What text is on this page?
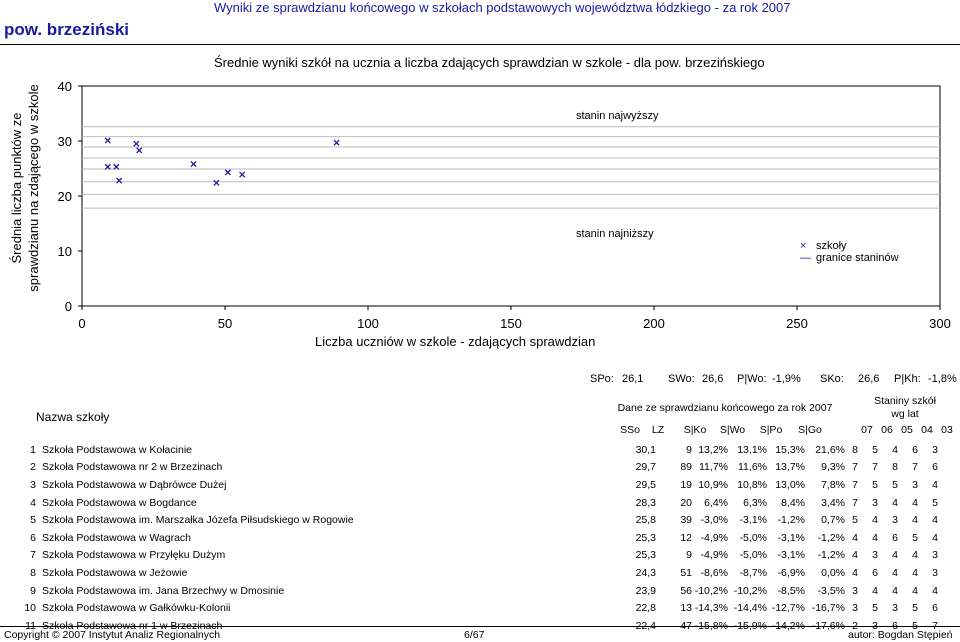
Wyniki ze sprawdzianu końcowego w szkołach podstawowych województwa łódzkiego - za rok 2007
pow. brzeziński
Średnie wyniki szkół na ucznia a liczba zdających sprawdzian w szkole - dla pow. brzezińskiego
0
10
20
30
40
0	50	100	150	200	250	300
Średnia liczba punktów ze sprawdzianu na zdającego w szkole
Liczba uczniów w szkole - zdających sprawdzian
stanin najwyższy
stanin najniższy
× szkoły
— granice staninów
SPo: 26,1 SWo: 26,6 P|Wo: -1,9% SKo: 26,6 P|Kh: -1,8%
Nazwa szkoły
Dane ze sprawdzianu końcowego za rok 2007
Staniny szkół
wg lat
SSo	LZ	S|Ko	S|Wo	S|Po	S|Go	07 06 05 04 03
1	Szkoła Podstawowa w Kołacinie	30,1	9	13,2%	13,1%	15,3%	21,6%	8	5	4	6	3
2	Szkoła Podstawowa nr 2 w Brzezinach	29,7	89	11,7%	11,6%	13,7%	9,3%	7	7	8	7	6
3	Szkoła Podstawowa w Dąbrówce Dużej	29,5	19	10,9%	10,8%	13,0%	7,8%	7	5	5	3	4
4	Szkoła Podstawowa w Bogdance	28,3	20	6,4%	6,3%	8,4%	3,4%	7	3	4	4	5
5	Szkoła Podstawowa im. Marszałka Józefa Piłsudskiego w Rogowie	25,8	39	-3,0%	-3,1%	-1,2%	0,7%	5	4	3	4	4
6	Szkoła Podstawowa w Wagrach	25,3	12	-4,9%	-5,0%	-3,1%	-1,2%	4	4	6	5	4
7	Szkoła Podstawowa w Przyłęku Dużym	25,3	9	-4,9%	-5,0%	-3,1%	-1,2%	4	3	4	4	3
8	Szkoła Podstawowa w Jeżowie	24,3	51	-8,6%	-8,7%	-6,9%	0,0%	4	6	4	4	3
9	Szkoła Podstawowa im. Jana Brzechwy w Dmosinie	23,9	56	-10,2%	-10,2%	-8,5%	-3,5%	3	4	4	4	4
10	Szkoła Podstawowa w Gałkówku-Kolonii	22,8	13	-14,3%	-14,4%	-12,7%	-16,7%	3	5	3	5	6
11	Szkoła Podstawowa nr 1 w Brzezinach	22,4	47	-15,8%	-15,9%	-14,2%	-17,6%	2	3	6	5	7
Copyright © 2007 Instytut Analiz Regionalnych	6/67	autor: Bogdan Stępień
